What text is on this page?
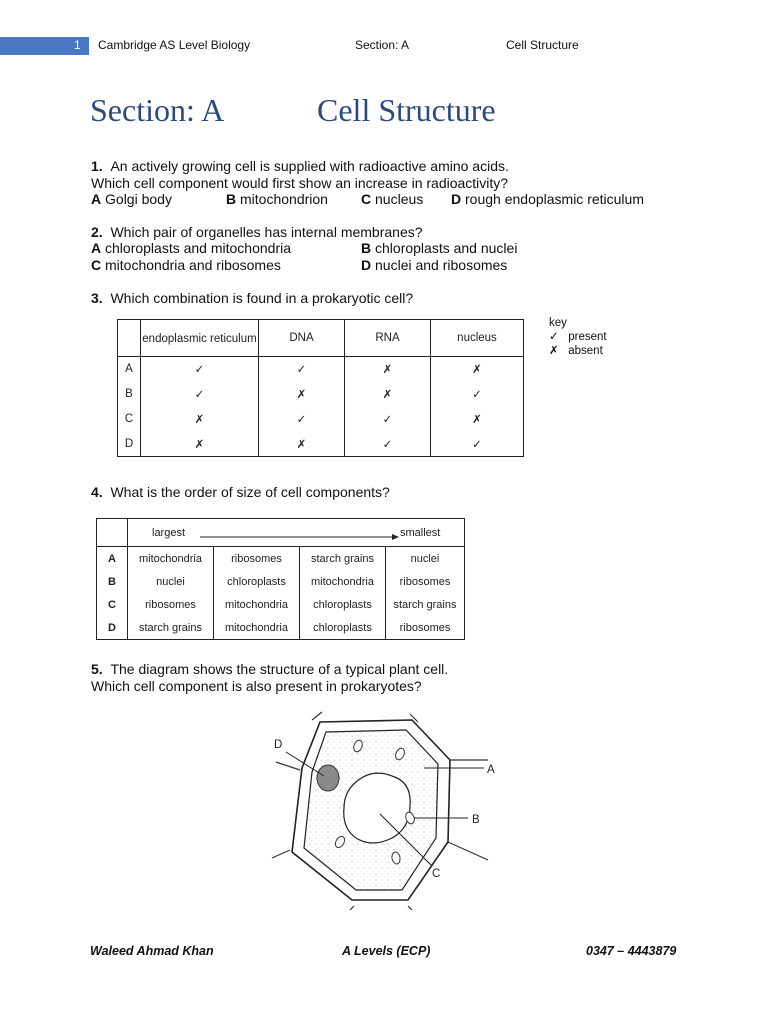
1 Cambridge AS Level Biology	Section: A	Cell Structure
Section: A	Cell Structure
1. An actively growing cell is supplied with radioactive amino acids.
Which cell component would first show an increase in radioactivity?
A Golgi body	B mitochondrion C nucleus D rough endoplasmic reticulum
2. Which pair of organelles has internal membranes?
A chloroplasts and mitochondria	B chloroplasts and nuclei
C mitochondria and ribosomes	D nuclei and ribosomes
3. Which combination is found in a prokaryotic cell?
	endoplasmic reticulum	DNA	RNA	nucleus
A	✓	✓	✗	✗
B	✓	✗	✗	✓
C	✗	✓	✓	✗
D	✗	✗	✓	✓
key
✓ present
✗ absent
4. What is the order of size of cell components?

	largest smallest			

A	mitochondria	ribosomes	starch grains	nuclei
B	nuclei	chloroplasts	mitochondria	ribosomes
C	ribosomes	mitochondria	chloroplasts	starch grains
D	starch grains	mitochondria	chloroplasts	ribosomes
5. The diagram shows the structure of a typical plant cell.
Which cell component is also present in prokaryotes?
D
A
B
C
Waleed Ahmad Khan	A Levels (ECP)	0347 – 4443879
